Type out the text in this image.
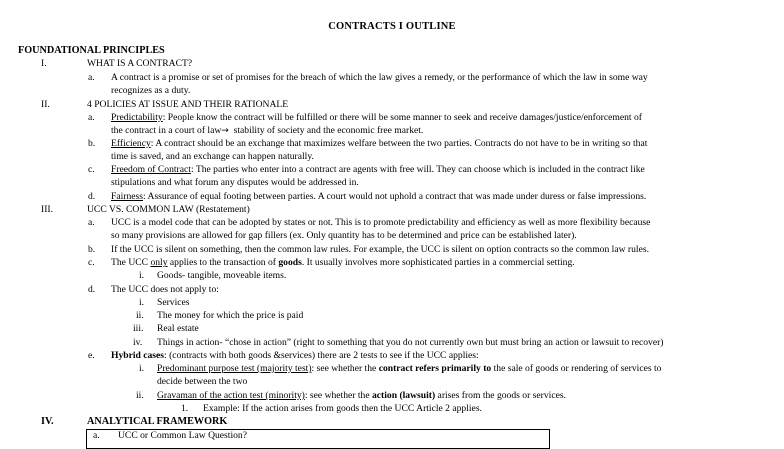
CONTRACTS I OUTLINE
FOUNDATIONAL PRINCIPLES
I.	WHAT IS A CONTRACT?
a. A contract is a promise or set of promises for the breach of which the law gives a remedy, or the performance of which the law in some way
recognizes as a duty.
II.	4 POLICIES AT ISSUE AND THEIR RATIONALE
a. Predictability: People know the contract will be fulfilled or there will be some manner to seek and receive damages/justice/enforcement of
the contract in a court of law→ stability of society and the economic free market.
b. Efficiency: A contract should be an exchange that maximizes welfare between the two parties. Contracts do not have to be in writing so that
time is saved, and an exchange can happen naturally.
c. Freedom of Contract: The parties who enter into a contract are agents with free will. They can choose which is included in the contract like
stipulations and what forum any disputes would be addressed in.
d. Fairness: Assurance of equal footing between parties. A court would not uphold a contract that was made under duress or false impressions.
III.	UCC VS. COMMON LAW (Restatement)
a. UCC is a model code that can be adopted by states or not. This is to promote predictability and efficiency as well as more flexibility because
so many provisions are allowed for gap fillers (ex. Only quantity has to be determined and price can be established later).
b. If the UCC is silent on something, then the common law rules. For example, the UCC is silent on option contracts so the common law rules.
c. The UCC only applies to the transaction of goods. It usually involves more sophisticated parties in a commercial setting.
i. Goods- tangible, moveable items.
d. The UCC does not apply to:
i. Services
ii. The money for which the price is paid
iii. Real estate
iv. Things in action- “chose in action” (right to something that you do not currently own but must bring an action or lawsuit to recover)
e. Hybrid cases: (contracts with both goods &services) there are 2 tests to see if the UCC applies:
i. Predominant purpose test (majority test): see whether the contract refers primarily to the sale of goods or rendering of services to
decide between the two
ii. Gravaman of the action test (minority): see whether the action (lawsuit) arises from the goods or services.
1. Example: If the action arises from goods then the UCC Article 2 applies.
IV.	ANALYTICAL FRAMEWORK
a. UCC or Common Law Question?
